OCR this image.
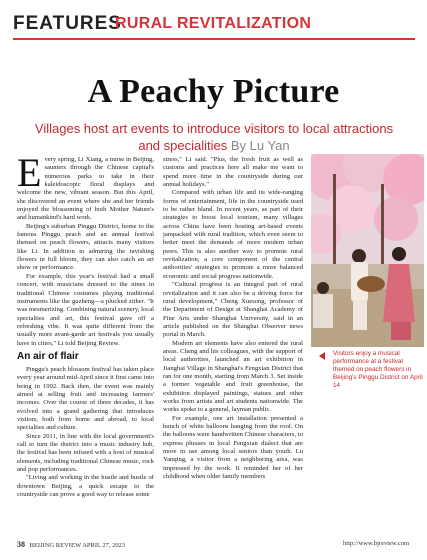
FEATURES
RURAL REVITALIZATION
A Peachy Picture
Villages host art events to introduce visitors to local attractions and specialities By Lu Yan

Every spring, Li Xiang, a nurse in Beijing, saunters through the Chinese capital's numerous parks to take in their kaleidoscopic floral displays and welcome the new, vibrant season. But this April, she discovered an event where she and her friends enjoyed the blossoming of both Mother Nature's and humankind's hard work.

Beijing's suburban Pinggu District, home to the famous Pinggu peach and an annual festival themed on peach flowers, attracts many visitors like Li. In addition to admiring the ravishing flowers in full bloom, they can also catch an art show or performance.

For example, this year's festival had a small concert, with musicians dressed to the nines in traditional Chinese costumes playing traditional instruments like the guzheng—a plucked zither. "It was mesmerizing. Combining natural scenery, local specialties and art, this festival gave off a refreshing vibe. It was quite different from the usually more avant-garde art festivals you usually have in cities," Li told Beijing Review.

An air of flair

Pinggu's peach blossom festival has taken place every year around mid-April since it first came into being in 1992. Back then, the event was mainly aimed at selling fruit and increasing farmers' incomes. Over the course of three decades, it has evolved into a grand gathering that introduces visitors, both from home and abroad, to local specialties and culture.

Since 2011, in line with the local government's call to turn the district into a music industry hub, the festival has been infused with a host of musical elements, including traditional Chinese music, rock and pop performances.

"Living and working in the hustle and bustle of downtown Beijing, a quick escape to the countryside can prove a good way to release some

stress," Li said. "Plus, the fresh fruit as well as customs and practices here all make me want to spend more time in the countryside during our annual holidays."

Compared with urban life and its wide-ranging forms of entertainment, life in the countryside used to be rather bland. In recent years, as part of their strategies to boost local tourism, many villages across China have been hosting art-based events jampacked with rural tradition, which even seem to better meet the demands of more modern urban peers. This is also another way to promote rural revitalization, a core component of the central authorities' strategies to promote a more balanced economic and social progress nationwide.

"Cultural progress is an integral part of rural revitalization and it can also be a driving force for rural development," Cheng Xuesong, professor of the Department of Design at Shanghai Academy of Fine Arts under Shanghai University, said in an article published on the Shanghai Observer news portal in March.

Modern art elements have also entered the rural areas. Cheng and his colleagues, with the support of local authorities, launched an art exhibition in Jianghai Village in Shanghai's Fengxian District that ran for one month, starting from March 3. Set inside a former vegetable and fruit greenhouse, the exhibition displayed paintings, statues and other works from artists and art students nationwide. The works spoke to a general, layman public.

For example, one art installation presented a bunch of white balloons hanging from the roof. On the balloons were handwritten Chinese characters, to express phrases in local Fengxian dialect that are more in use among local seniors than youth. Lu Yanqing, a visitor from a neighboring area, was impressed by the work. It reminded her of her childhood when older family members

Visitors enjoy a musical performance at a festival themed on peach flowers in Beijing's Pinggu District on April 14
38 BEIJING REVIEW APRIL 27, 2023	http://www.bjreview.com
